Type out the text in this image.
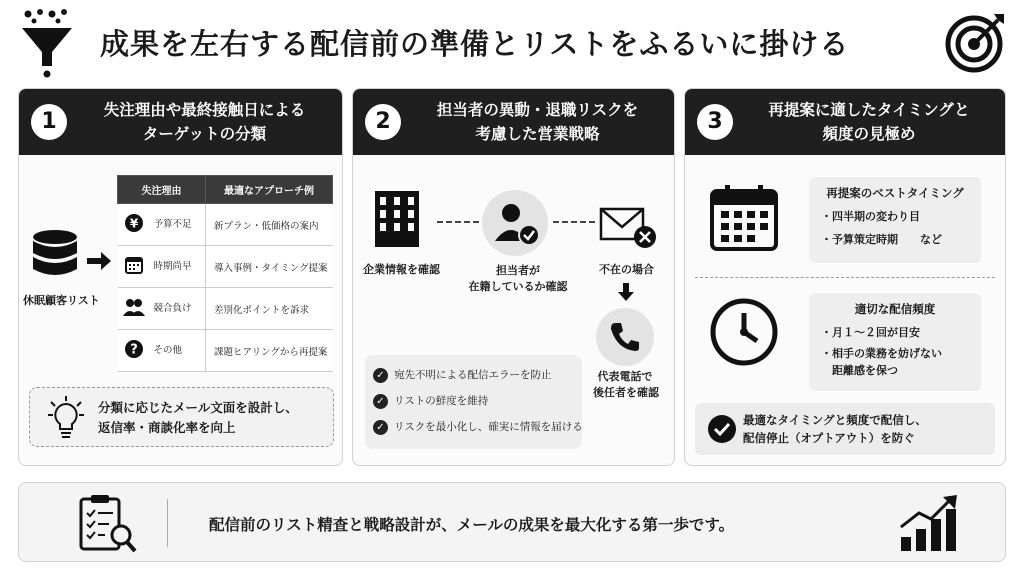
成果を左右する配信前の準備とリストをふるいに掛ける
1	失注理由や最終接触日による
ターゲットの分類
休眠顧客リスト
失注理由	最適なアプローチ例

¥ 予算不足	新プラン・低価格の案内
時期尚早	導入事例・タイミング提案
競合負け	差別化ポイントを訴求

? その他	課題ヒアリングから再提案
分類に応じたメール文面を設計し、
返信率・商談化率を向上
2	担当者の異動・退職リスクを
考慮した営業戦略
企業情報を確認	担当者が
在籍しているか確認
不在の場合
代表電話で
後任者を確認
✓ 宛先不明による配信エラーを防止
✓ リストの鮮度を維持
✓ リスクを最小化し、確実に情報を届ける
3	再提案に適したタイミングと
頻度の見極め
再提案のベストタイミング
・四半期の変わり目
・予算策定時期　　など
適切な配信頻度
・月１～２回が目安
・相手の業務を妨げない
　距離感を保つ
最適なタイミングと頻度で配信し、
配信停止（オプトアウト）を防ぐ
配信前のリスト精査と戦略設計が、メールの成果を最大化する第一歩です。
